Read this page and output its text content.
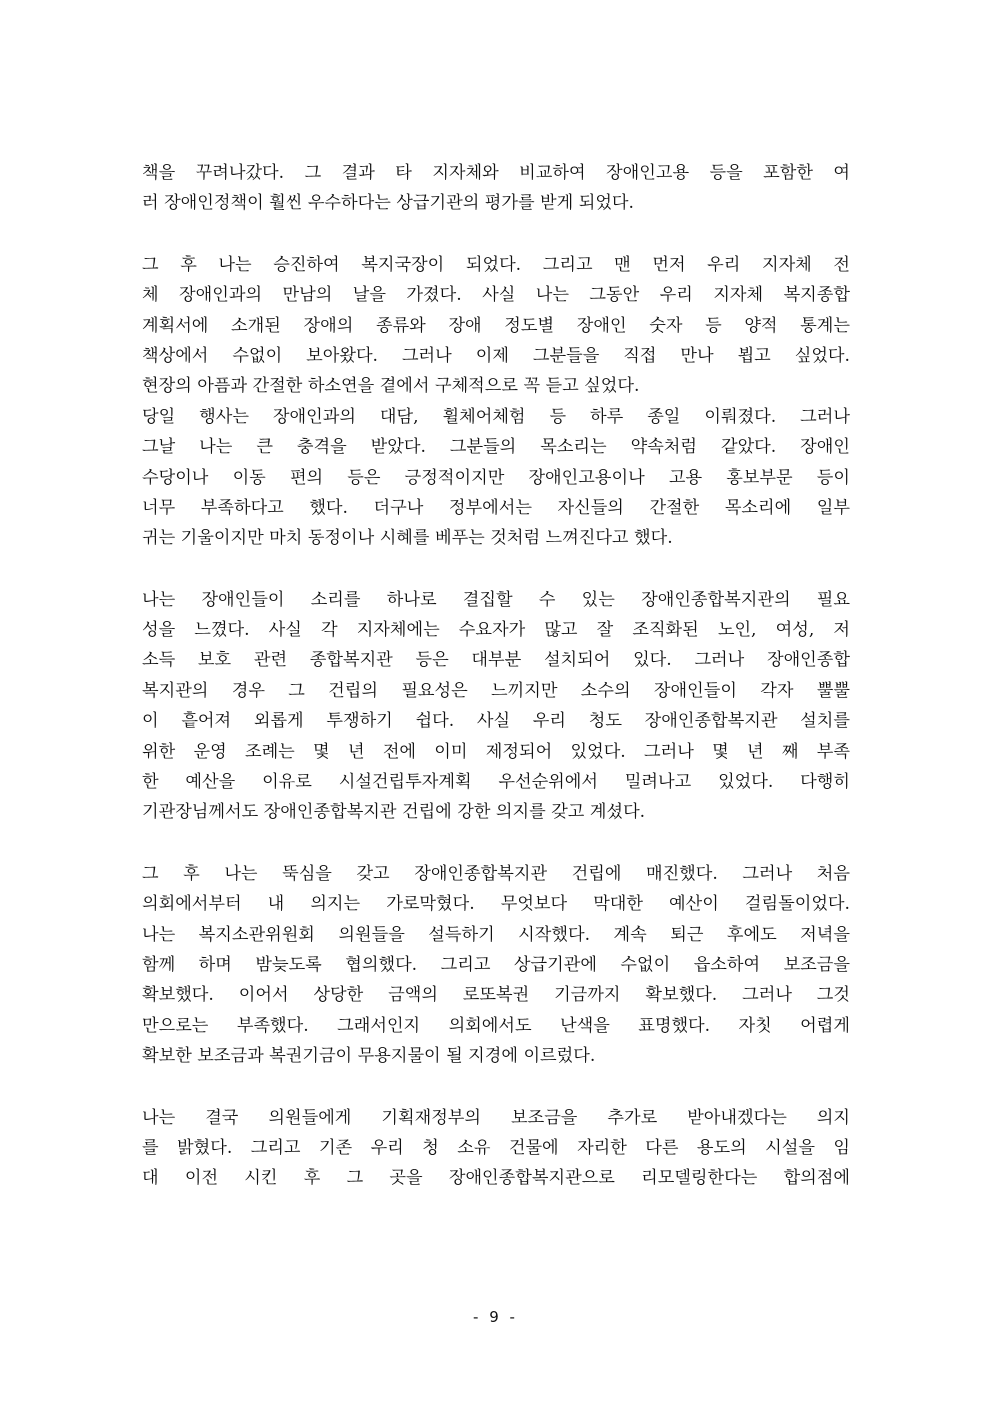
책을 꾸려나갔다. 그 결과 타 지자체와 비교하여 장애인고용 등을 포함한 여
러 장애인정책이 훨씬 우수하다는 상급기관의 평가를 받게 되었다.
그 후 나는 승진하여 복지국장이 되었다. 그리고 맨 먼저 우리 지자체 전
체 장애인과의 만남의 날을 가졌다. 사실 나는 그동안 우리 지자체 복지종합
계획서에 소개된 장애의 종류와 장애 정도별 장애인 숫자 등 양적 통계는
책상에서 수없이 보아왔다. 그러나 이제 그분들을 직접 만나 뵙고 싶었다.
현장의 아픔과 간절한 하소연을 곁에서 구체적으로 꼭 듣고 싶었다.
당일 행사는 장애인과의 대담, 휠체어체험 등 하루 종일 이뤄졌다. 그러나
그날 나는 큰 충격을 받았다. 그분들의 목소리는 약속처럼 같았다. 장애인
수당이나 이동 편의 등은 긍정적이지만 장애인고용이나 고용 홍보부문 등이
너무 부족하다고 했다. 더구나 정부에서는 자신들의 간절한 목소리에 일부
귀는 기울이지만 마치 동정이나 시혜를 베푸는 것처럼 느껴진다고 했다.
나는 장애인들이 소리를 하나로 결집할 수 있는 장애인종합복지관의 필요
성을 느꼈다. 사실 각 지자체에는 수요자가 많고 잘 조직화된 노인, 여성, 저
소득 보호 관련 종합복지관 등은 대부분 설치되어 있다. 그러나 장애인종합
복지관의 경우 그 건립의 필요성은 느끼지만 소수의 장애인들이 각자 뿔뿔
이 흩어져 외롭게 투쟁하기 쉽다. 사실 우리 청도 장애인종합복지관 설치를
위한 운영 조례는 몇 년 전에 이미 제정되어 있었다. 그러나 몇 년 째 부족
한 예산을 이유로 시설건립투자계획 우선순위에서 밀려나고 있었다. 다행히
기관장님께서도 장애인종합복지관 건립에 강한 의지를 갖고 계셨다.
그 후 나는 뚝심을 갖고 장애인종합복지관 건립에 매진했다. 그러나 처음
의회에서부터 내 의지는 가로막혔다. 무엇보다 막대한 예산이 걸림돌이었다.
나는 복지소관위원회 의원들을 설득하기 시작했다. 계속 퇴근 후에도 저녁을
함께 하며 밤늦도록 협의했다. 그리고 상급기관에 수없이 읍소하여 보조금을
확보했다. 이어서 상당한 금액의 로또복권 기금까지 확보했다. 그러나 그것
만으로는 부족했다. 그래서인지 의회에서도 난색을 표명했다. 자칫 어렵게
확보한 보조금과 복권기금이 무용지물이 될 지경에 이르렀다.
나는 결국 의원들에게 기획재정부의 보조금을 추가로 받아내겠다는 의지
를 밝혔다. 그리고 기존 우리 청 소유 건물에 자리한 다른 용도의 시설을 임
대 이전 시킨 후 그 곳을 장애인종합복지관으로 리모델링한다는 합의점에
- 9 -
